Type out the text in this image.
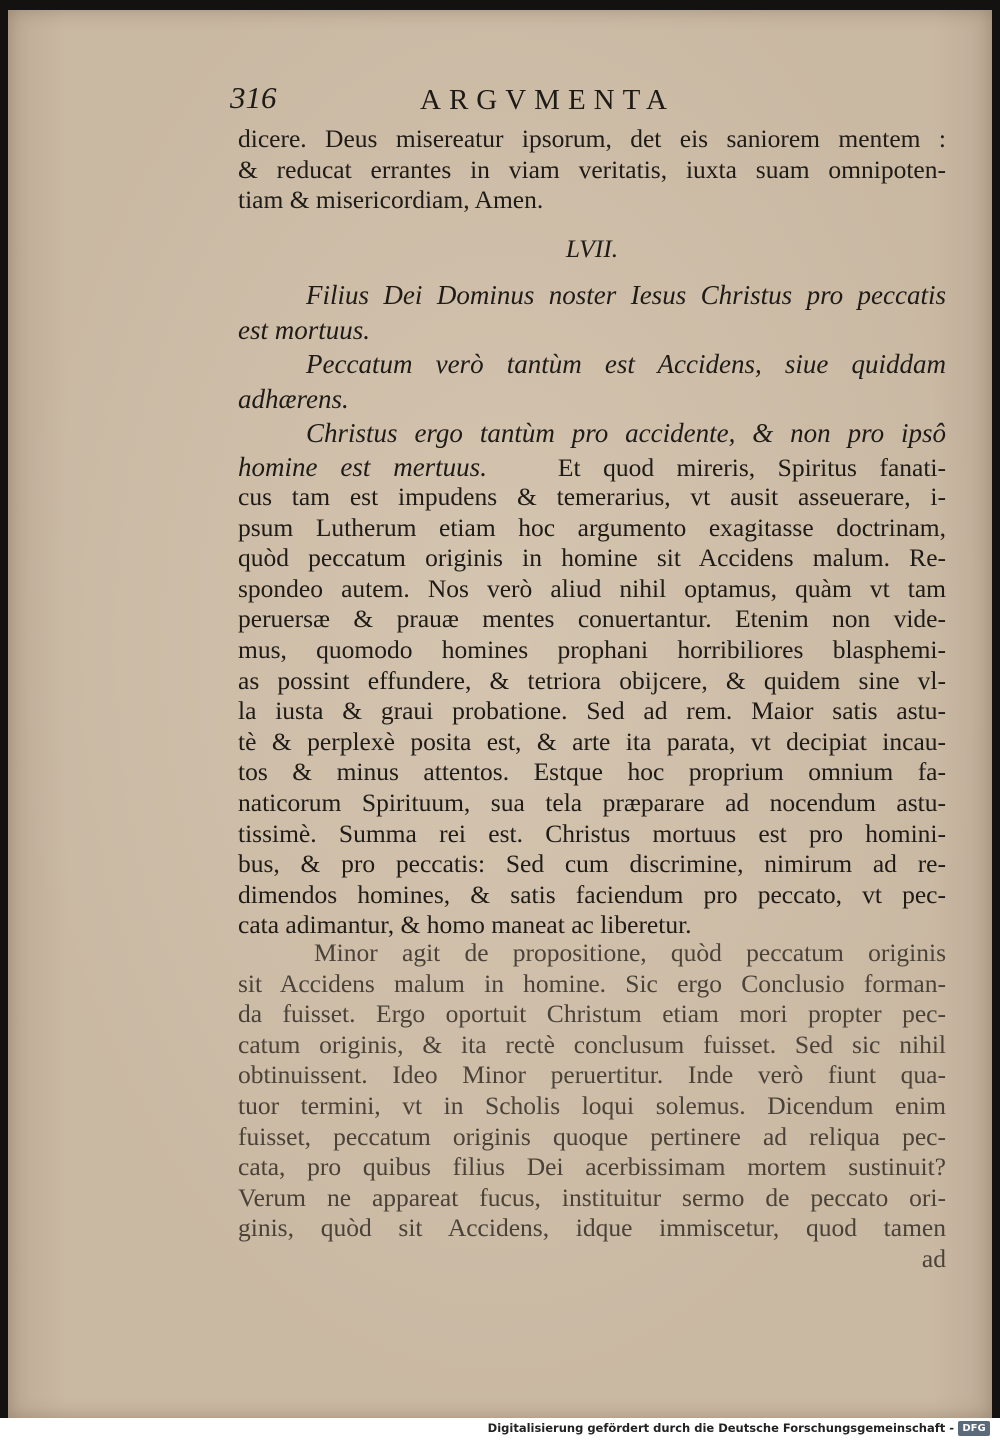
316	ARGVMENTA
dicere. Deus misereatur ipsorum, det eis saniorem mentem :
& reducat errantes in viam veritatis, iuxta suam omnipoten-
tiam & misericordiam, Amen.
LVII.
Filius Dei Dominus noster Iesus Christus pro peccatis
est mortuus.
Peccatum verò tantùm est Accidens, siue quiddam
adhærens.
Christus ergo tantùm pro accidente, & non pro ipsô
homine est mertuus.	Et quod mireris, Spiritus fanati-
cus tam est impudens & temerarius, vt ausit asseuerare, i-
psum Lutherum etiam hoc argumento exagitasse doctrinam,
quòd peccatum originis in homine sit Accidens malum. Re-
spondeo autem. Nos verò aliud nihil optamus, quàm vt tam
peruersæ & prauæ mentes conuertantur. Etenim non vide-
mus, quomodo homines prophani horribiliores blasphemi-
as possint effundere, & tetriora obijcere, & quidem sine vl-
la iusta & graui probatione. Sed ad rem. Maior satis astu-
tè & perplexè posita est, & arte ita parata, vt decipiat incau-
tos & minus attentos. Estque hoc proprium omnium fa-
naticorum Spirituum, sua tela præparare ad nocendum astu-
tissimè. Summa rei est. Christus mortuus est pro homini-
bus, & pro peccatis: Sed cum discrimine, nimirum ad re-
dimendos homines, & satis faciendum pro peccato, vt pec-
cata adimantur, & homo maneat ac liberetur.
Minor agit de propositione, quòd peccatum originis
sit Accidens malum in homine. Sic ergo Conclusio forman-
da fuisset. Ergo oportuit Christum etiam mori propter pec-
catum originis, & ita rectè conclusum fuisset. Sed sic nihil
obtinuissent. Ideo Minor peruertitur. Inde verò fiunt qua-
tuor termini, vt in Scholis loqui solemus. Dicendum enim
fuisset, peccatum originis quoque pertinere ad reliqua pec-
cata, pro quibus filius Dei acerbissimam mortem sustinuit?
Verum ne appareat fucus, instituitur sermo de peccato ori-
ginis, quòd sit Accidens, idque immiscetur, quod tamen
ad
Digitalisierung gefördert durch die Deutsche Forschungsgemeinschaft - DFG
